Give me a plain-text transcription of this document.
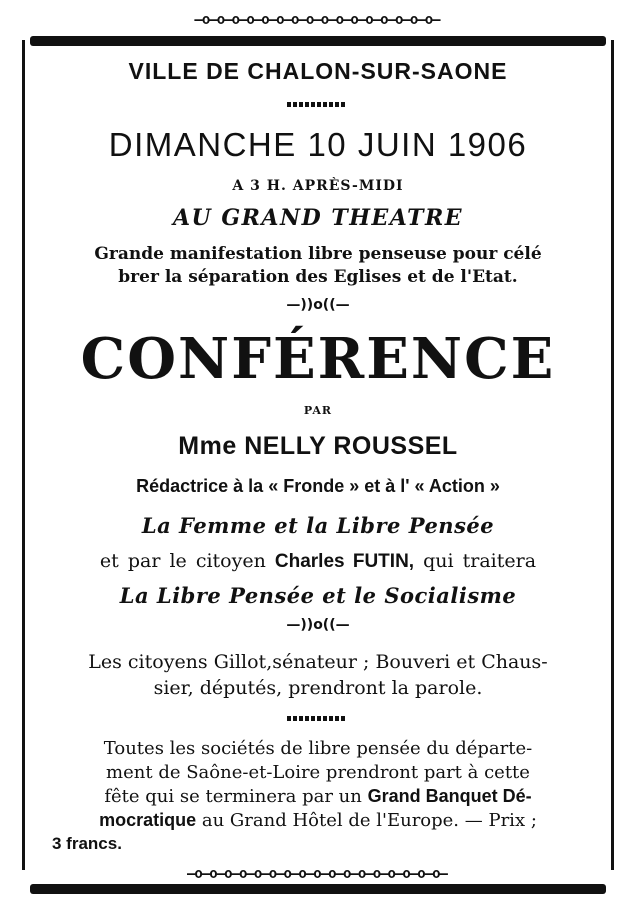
—o—o—o—o—o—o—o—o—o—o—o—o—o—o—o—o—

VILLE DE CHALON-SUR-SAONE

DIMANCHE 10 JUIN 1906

A 3 H. APRÈS-MIDI

AU GRAND THEATRE

Grande manifestation libre penseuse pour célé

brer la séparation des Eglises et de l'Etat.

—))o((—

CONFÉRENCE

PAR

Mme NELLY ROUSSEL

Rédactrice à la « Fronde » et à l' « Action »

La Femme et la Libre Pensée

et par le citoyen Charles FUTIN, qui traitera

La Libre Pensée et le Socialisme

—))o((—

Les citoyens Gillot,sénateur ; Bouveri et Chaus-

sier, députés, prendront la parole.

Toutes les sociétés de libre pensée du départe-

ment de Saône-et-Loire prendront part à cette

fête qui se terminera par un Grand Banquet Dé-

mocratique au Grand Hôtel de l'Europe. — Prix ;

3 francs.

—o—o—o—o—o—o—o—o—o—o—o—o—o—o—o—o—o—
